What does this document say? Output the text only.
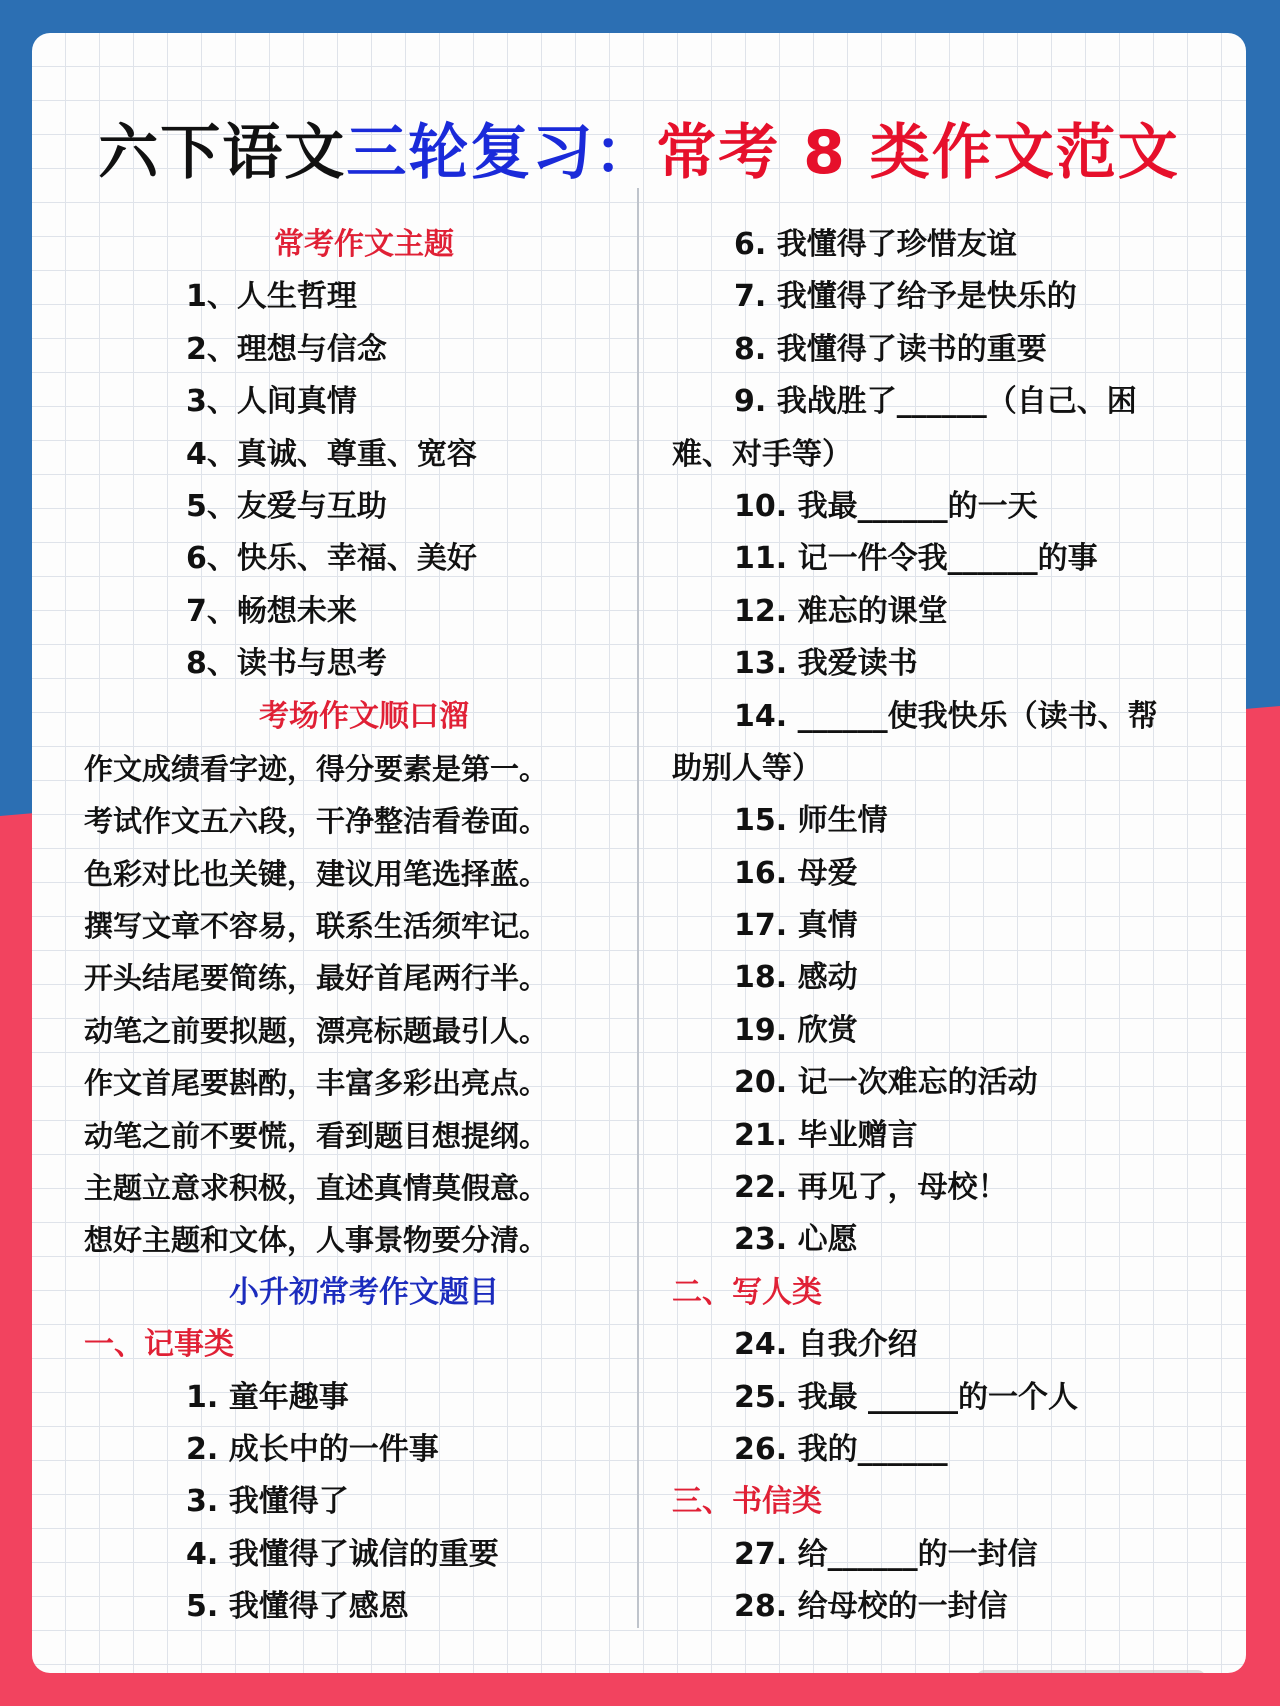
六下语文三轮复习：常考 8 类作文范文
常考作文主题
1、人生哲理
2、理想与信念
3、人间真情
4、真诚、尊重、宽容
5、友爱与互助
6、快乐、幸福、美好
7、畅想未来
8、读书与思考
考场作文顺口溜
作文成绩看字迹，得分要素是第一。
考试作文五六段，干净整洁看卷面。
色彩对比也关键，建议用笔选择蓝。
撰写文章不容易，联系生活须牢记。
开头结尾要简练，最好首尾两行半。
动笔之前要拟题，漂亮标题最引人。
作文首尾要斟酌，丰富多彩出亮点。
动笔之前不要慌，看到题目想提纲。
主题立意求积极，直述真情莫假意。
想好主题和文体，人事景物要分清。
小升初常考作文题目
一、记事类
1. 童年趣事
2. 成长中的一件事
3. 我懂得了
4. 我懂得了诚信的重要
5. 我懂得了感恩
6. 我懂得了珍惜友谊
7. 我懂得了给予是快乐的
8. 我懂得了读书的重要
9. 我战胜了______（自己、困
难、对手等）
10. 我最______的一天
11. 记一件令我______的事
12. 难忘的课堂
13. 我爱读书
14. ______使我快乐（读书、帮
助别人等）
15. 师生情
16. 母爱
17. 真情
18. 感动
19. 欣赏
20. 记一次难忘的活动
21. 毕业赠言
22. 再见了，母校！
23. 心愿
二、写人类
24. 自我介绍
25. 我最 ______的一个人
26. 我的______
三、书信类
27. 给______的一封信
28. 给母校的一封信
